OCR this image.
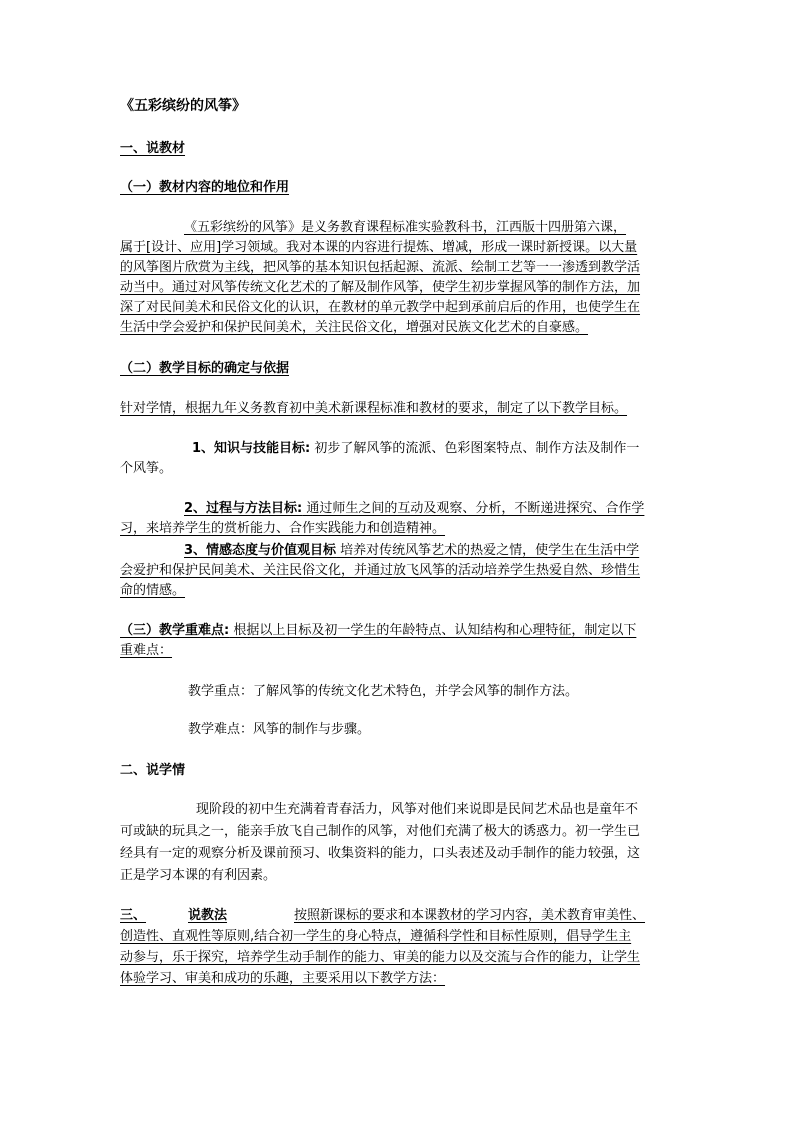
《五彩缤纷的风筝》
一、说教材
（一）教材内容的地位和作用
《五彩缤纷的风筝》是义务教育课程标准实验教科书，江西版十四册第六课，
属于[设计、应用]学习领域。我对本课的内容进行提炼、增减，形成一课时新授课。以大量
的风筝图片欣赏为主线，把风筝的基本知识包括起源、流派、绘制工艺等一一渗透到教学活
动当中。通过对风筝传统文化艺术的了解及制作风筝，使学生初步掌握风筝的制作方法，加
深了对民间美术和民俗文化的认识，在教材的单元教学中起到承前启后的作用，也使学生在
生活中学会爱护和保护民间美术，关注民俗文化，增强对民族文化艺术的自豪感。
（二）教学目标的确定与依据
针对学情，根据九年义务教育初中美术新课程标准和教材的要求，制定了以下教学目标。
1、知识与技能目标: 初步了解风筝的流派、色彩图案特点、制作方法及制作一
个风筝。
2、过程与方法目标: 通过师生之间的互动及观察、分析，不断递进探究、合作学
习，来培养学生的赏析能力、合作实践能力和创造精神。
3、情感态度与价值观目标 培养对传统风筝艺术的热爱之情，使学生在生活中学
会爱护和保护民间美术、关注民俗文化，并通过放飞风筝的活动培养学生热爱自然、珍惜生
命的情感。
（三）教学重难点: 根据以上目标及初一学生的年龄特点、认知结构和心理特征，制定以下
重难点：
教学重点：了解风筝的传统文化艺术特色，并学会风筝的制作方法。
教学难点：风筝的制作与步骤。
二、说学情
现阶段的初中生充满着青春活力，风筝对他们来说即是民间艺术品也是童年不
可或缺的玩具之一，能亲手放飞自己制作的风筝，对他们充满了极大的诱惑力。初一学生已
经具有一定的观察分析及课前预习、收集资料的能力，口头表述及动手制作的能力较强，这
正是学习本课的有利因素。
三、	说教法	按照新课标的要求和本课教材的学习内容，美术教育审美性、
创造性、直观性等原则,结合初一学生的身心特点，遵循科学性和目标性原则，倡导学生主
动参与，乐于探究，培养学生动手制作的能力、审美的能力以及交流与合作的能力，让学生
体验学习、审美和成功的乐趣，主要采用以下教学方法：
